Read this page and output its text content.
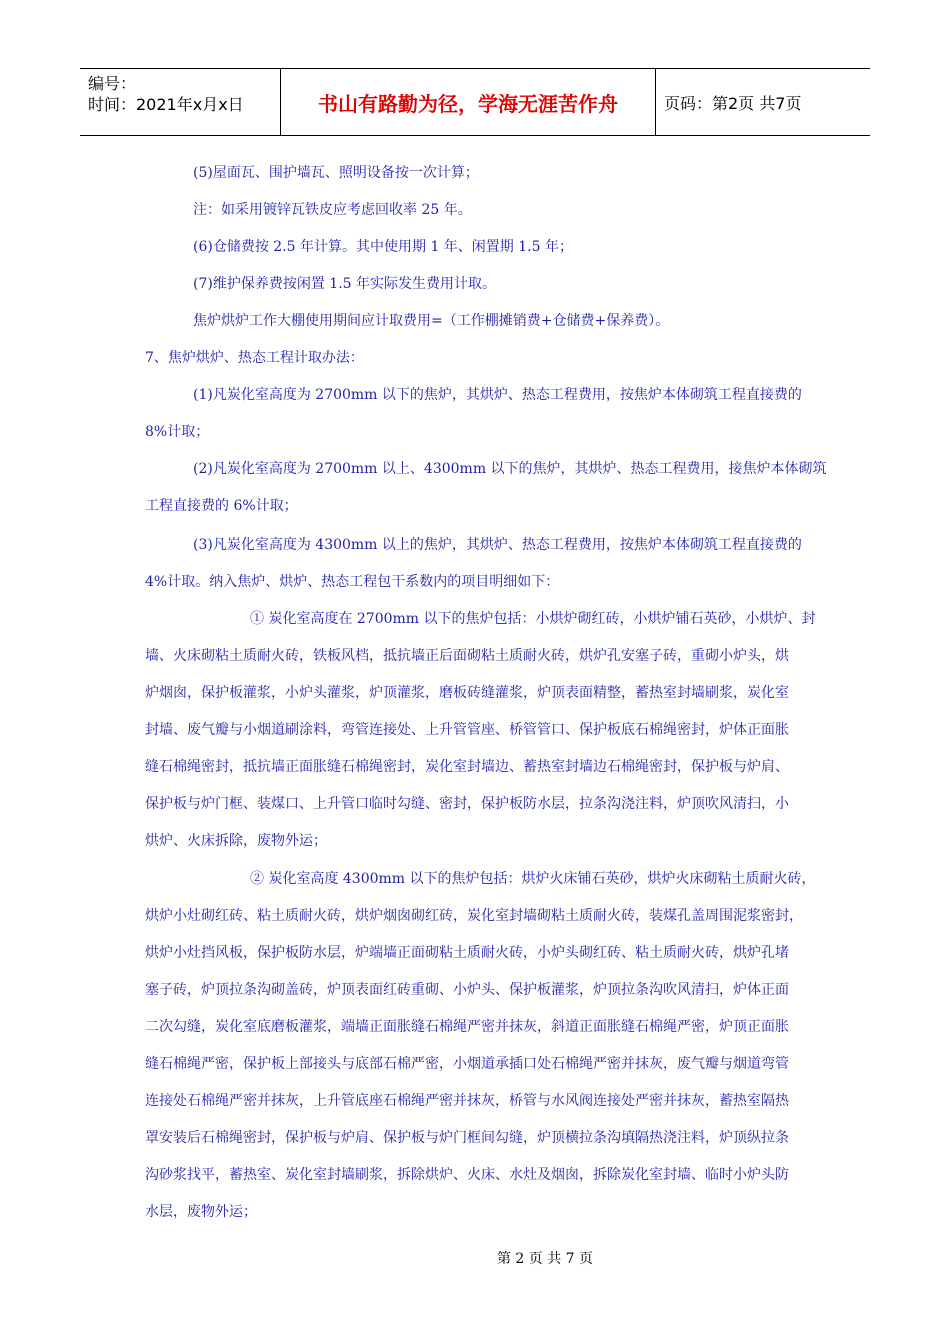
编号：
时间：2021年x月x日	书山有路勤为径，学海无涯苦作舟	页码：第2页 共7页
(5)屋面瓦、围护墙瓦、照明设备按一次计算；
注：如采用镀锌瓦铁皮应考虑回收率 25 年。
(6)仓储费按 2.5 年计算。其中使用期 1 年、闲置期 1.5 年；
(7)维护保养费按闲置 1.5 年实际发生费用计取。
焦炉烘炉工作大棚使用期间应计取费用=（工作棚摊销费+仓储费+保养费）。
7、焦炉烘炉、热态工程计取办法：
(1)凡炭化室高度为 2700mm 以下的焦炉，其烘炉、热态工程费用，按焦炉本体砌筑工程直接费的
8%计取；
(2)凡炭化室高度为 2700mm 以上、4300mm 以下的焦炉，其烘炉、热态工程费用，接焦炉本体砌筑
工程直接费的 6%计取；
(3)凡炭化室高度为 4300mm 以上的焦炉，其烘炉、热态工程费用，按焦炉本体砌筑工程直接费的
4%计取。纳入焦炉、烘炉、热态工程包干系数内的项目明细如下：
① 炭化室高度在 2700mm 以下的焦炉包括：小烘炉砌红砖，小烘炉铺石英砂，小烘炉、封
墙、火床砌粘土质耐火砖，铁板风档，抵抗墙正后面砌粘土质耐火砖，烘炉孔安塞子砖，重砌小炉头，烘
炉烟囱，保护板灌浆，小炉头灌浆，炉顶灌浆，磨板砖缝灌浆，炉顶表面精整，蓄热室封墙刷浆，炭化室
封墙、废气瓣与小烟道刷涂料，弯管连接处、上升管管座、桥管管口、保护板底石棉绳密封，炉体正面胀
缝石棉绳密封，抵抗墙正面胀缝石棉绳密封，炭化室封墙边、蓄热室封墙边石棉绳密封，保护板与炉肩、
保护板与炉门框、装煤口、上升管口临时勾缝、密封，保护板防水层，拉条沟浇注料，炉顶吹风清扫，小
烘炉、火床拆除，废物外运；
② 炭化室高度 4300mm 以下的焦炉包括：烘炉火床铺石英砂，烘炉火床砌粘土质耐火砖，
烘炉小灶砌红砖、粘土质耐火砖，烘炉烟囱砌红砖，炭化室封墙砌粘土质耐火砖，装煤孔盖周围泥浆密封，
烘炉小灶挡风板，保护板防水层，炉端墙正面砌粘土质耐火砖，小炉头砌红砖、粘土质耐火砖，烘炉孔堵
塞子砖，炉顶拉条沟砌盖砖，炉顶表面红砖重砌、小炉头、保护板灌浆，炉顶拉条沟吹风清扫，炉体正面
二次勾缝，炭化室底磨板灌浆，端墙正面胀缝石棉绳严密并抹灰，斜道正面胀缝石棉绳严密，炉顶正面胀
缝石棉绳严密，保护板上部接头与底部石棉严密，小烟道承插口处石棉绳严密并抹灰，废气瓣与烟道弯管
连接处石棉绳严密并抹灰，上升管底座石棉绳严密并抹灰，桥管与水风阀连接处严密并抹灰，蓄热室隔热
罩安装后石棉绳密封，保护板与炉肩、保护板与炉门框间勾缝，炉顶横拉条沟填隔热浇注料，炉顶纵拉条
沟砂浆找平，蓄热室、炭化室封墙刷浆，拆除烘炉、火床、水灶及烟囱，拆除炭化室封墙、临时小炉头防
水层，废物外运；
第 2 页 共 7 页
